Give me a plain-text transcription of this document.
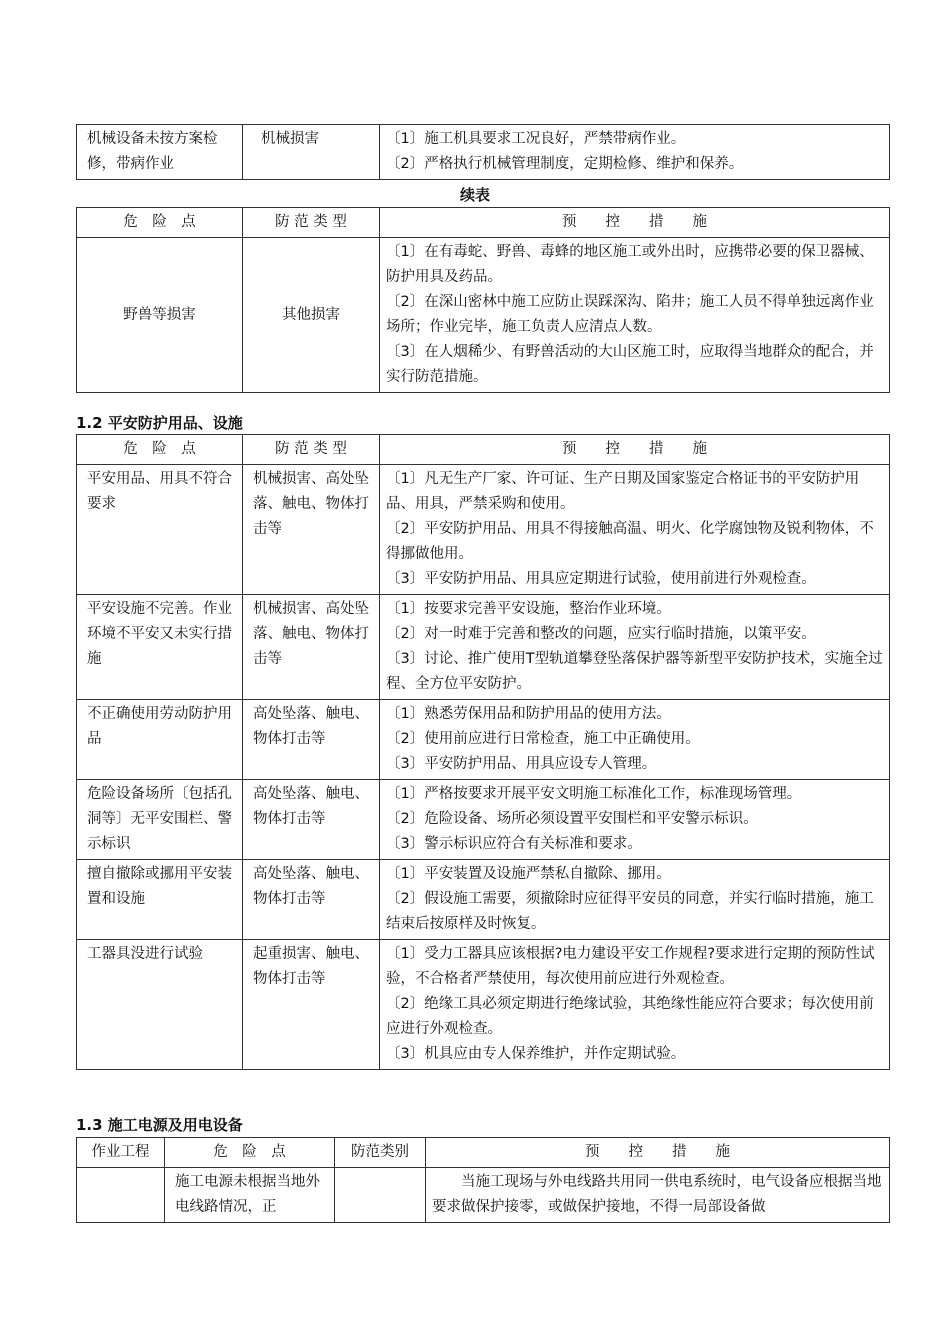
机械设备未按方案检修，带病作业	机械损害	〔1〕施工机具要求工况良好，严禁带病作业。

〔2〕严格执行机械管理制度，定期检修、维护和保养。

续表
危　险　点	防 范 类 型	预　　控　　措　　施
野兽等损害	其他损害	〔1〕在有毒蛇、野兽、毒蜂的地区施工或外出时，应携带必要的保卫器械、防护用具及药品。

〔2〕在深山密林中施工应防止误踩深沟、陷井；施工人员不得单独远离作业场所；作业完毕，施工负责人应清点人数。

〔3〕在人烟稀少、有野兽活动的大山区施工时，应取得当地群众的配合，并实行防范措施。

1.2 平安防护用品、设施
危　险　点	防 范 类 型	预　　控　　措　　施
平安用品、用具不符合要求	机械损害、高处坠落、触电、物体打击等	〔1〕凡无生产厂家、许可证、生产日期及国家鉴定合格证书的平安防护用品、用具，严禁采购和使用。

〔2〕平安防护用品、用具不得接触高温、明火、化学腐蚀物及锐利物体，不得挪做他用。

〔3〕平安防护用品、用具应定期进行试验，使用前进行外观检查。

平安设施不完善。作业环境不平安又未实行措施	机械损害、高处坠落、触电、物体打击等	〔1〕按要求完善平安设施，整治作业环境。

〔2〕对一时难于完善和整改的问题，应实行临时措施，以策平安。

〔3〕讨论、推广使用T型轨道攀登坠落保护器等新型平安防护技术，实施全过程、全方位平安防护。

不正确使用劳动防护用品	高处坠落、触电、物体打击等	〔1〕熟悉劳保用品和防护用品的使用方法。

〔2〕使用前应进行日常检查，施工中正确使用。

〔3〕平安防护用品、用具应设专人管理。

危险设备场所〔包括孔洞等〕无平安围栏、警示标识	高处坠落、触电、物体打击等	〔1〕严格按要求开展平安文明施工标准化工作，标准现场管理。

〔2〕危险设备、场所必须设置平安围栏和平安警示标识。

〔3〕警示标识应符合有关标准和要求。

擅自撤除或挪用平安装置和设施	高处坠落、触电、物体打击等	〔1〕平安装置及设施严禁私自撤除、挪用。

〔2〕假设施工需要，须撤除时应征得平安员的同意，并实行临时措施，施工结束后按原样及时恢复。

工器具没进行试验	起重损害、触电、物体打击等	〔1〕受力工器具应该根据?电力建设平安工作规程?要求进行定期的预防性试验，不合格者严禁使用，每次使用前应进行外观检查。

〔2〕绝缘工具必须定期进行绝缘试验，其绝缘性能应符合要求；每次使用前应进行外观检查。

〔3〕机具应由专人保养维护，并作定期试验。

1.3 施工电源及用电设备
作业工程	危　险　点	防范类别	预　　控　　措　　施
	施工电源未根据当地外电线路情况，正		当施工现场与外电线路共用同一供电系统时，电气设备应根据当地要求做保护接零，或做保护接地，不得一局部设备做
